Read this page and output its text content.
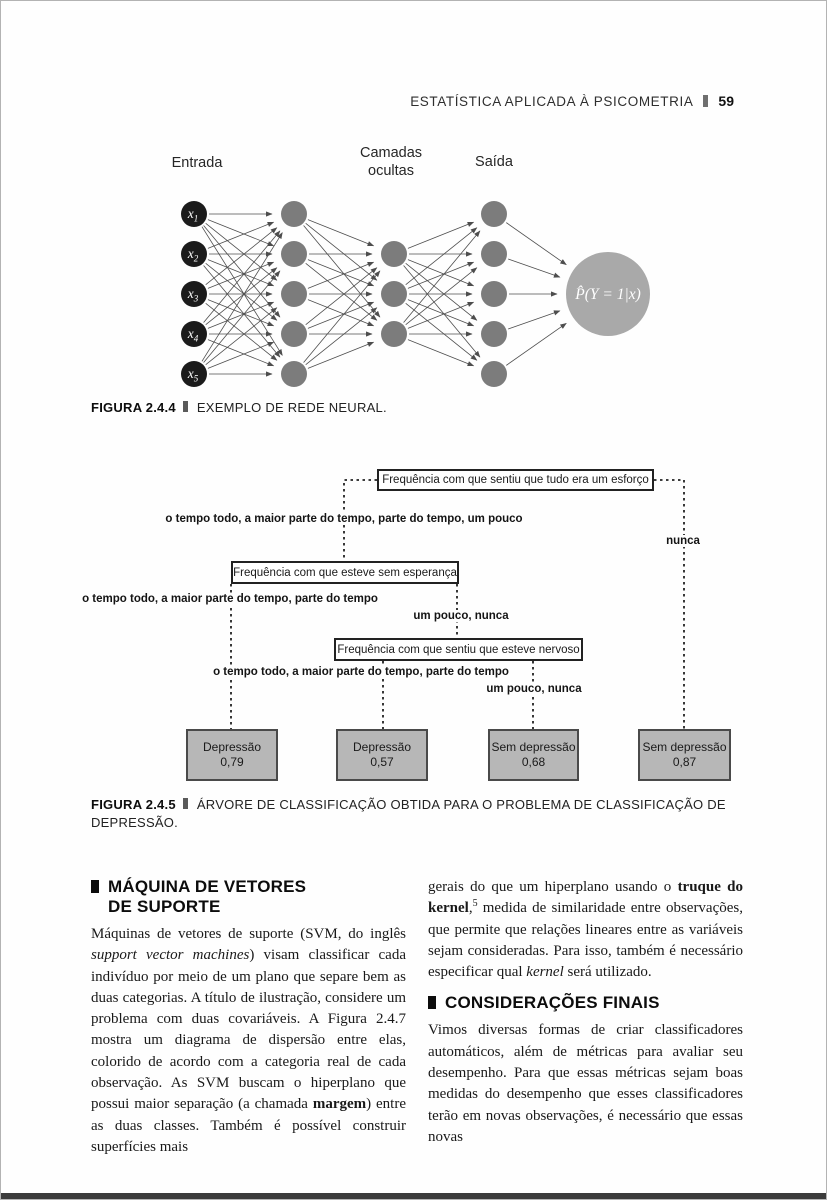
ESTATÍSTICA APLICADA À PSICOMETRIA 59
Entrada
Camadas
ocultas
Saída
$x_1$
$x_2$
$x_3$
$x_4$
$x_5$
P̂(Y = 1|x)
FIGURA 2.4.4 EXEMPLO DE REDE NEURAL.
Frequência com que sentiu que tudo era um esforço
Frequência com que esteve sem esperança
Frequência com que sentiu que esteve nervoso
o tempo todo, a maior parte do tempo, parte do tempo, um pouco
nunca
o tempo todo, a maior parte do tempo, parte do tempo
um pouco, nunca
o tempo todo, a maior parte do tempo, parte do tempo
um pouco, nunca
Depressão
0,79
Depressão
0,57
Sem depressão
0,68
Sem depressão
0,87
FIGURA 2.4.5 ÁRVORE DE CLASSIFICAÇÃO OBTIDA PARA O PROBLEMA DE CLASSIFICAÇÃO DE DEPRESSÃO.
MÁQUINA DE VETORES
DE SUPORTE

Máquinas de vetores de suporte (SVM, do inglês support vector machines) visam classificar cada indivíduo por meio de um plano que separe bem as duas categorias. A título de ilustração, considere um problema com duas covariáveis. A Figura 2.4.7 mostra um diagrama de dispersão entre elas, colorido de acordo com a categoria real de cada observação. As SVM buscam o hiperplano que possui maior separação (a chamada margem) entre as duas classes. Também é possível construir superfícies mais

gerais do que um hiperplano usando o truque do kernel,$^5$ medida de similaridade entre observações, que permite que relações lineares entre as variáveis sejam consideradas. Para isso, também é necessário especificar qual kernel será utilizado.

CONSIDERAÇÕES FINAIS

Vimos diversas formas de criar classificadores automáticos, além de métricas para avaliar seu desempenho. Para que essas métricas sejam boas medidas do desempenho que esses classificadores terão em novas observações, é necessário que essas novas
